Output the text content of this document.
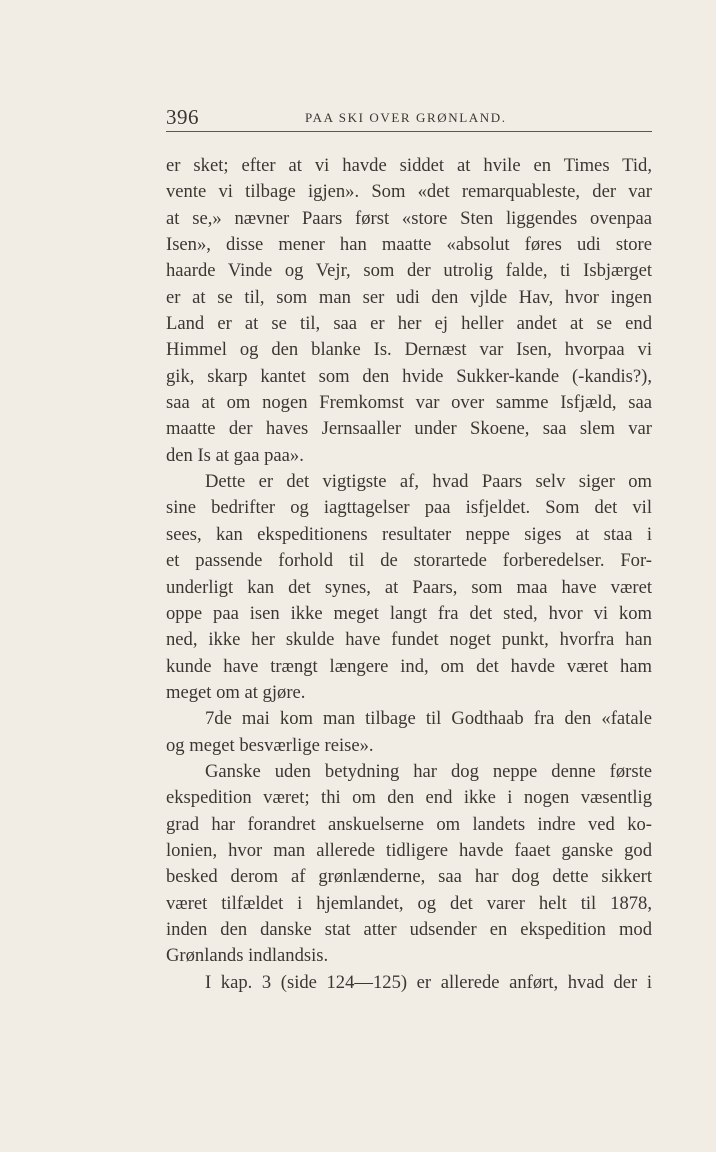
396	PAA SKI OVER GRØNLAND.
er sket; efter at vi havde siddet at hvile en Times Tid,
vente vi tilbage igjen». Som «det remarquableste, der var
at se,» nævner Paars først «store Sten liggendes ovenpaa
Isen», disse mener han maatte «absolut føres udi store
haarde Vinde og Vejr, som der utrolig falde, ti Isbjærget
er at se til, som man ser udi den vjlde Hav, hvor ingen
Land er at se til, saa er her ej heller andet at se end
Himmel og den blanke Is. Dernæst var Isen, hvorpaa vi
gik, skarp kantet som den hvide Sukker-kande (-kandis?),
saa at om nogen Fremkomst var over samme Isfjæld, saa
maatte der haves Jernsaaller under Skoene, saa slem var
den Is at gaa paa».
Dette er det vigtigste af, hvad Paars selv siger om
sine bedrifter og iagttagelser paa isfjeldet. Som det vil
sees, kan ekspeditionens resultater neppe siges at staa i
et passende forhold til de storartede forberedelser. For-
underligt kan det synes, at Paars, som maa have været
oppe paa isen ikke meget langt fra det sted, hvor vi kom
ned, ikke her skulde have fundet noget punkt, hvorfra han
kunde have trængt længere ind, om det havde været ham
meget om at gjøre.
7de mai kom man tilbage til Godthaab fra den «fatale
og meget besværlige reise».
Ganske uden betydning har dog neppe denne første
ekspedition været; thi om den end ikke i nogen væsentlig
grad har forandret anskuelserne om landets indre ved ko-
lonien, hvor man allerede tidligere havde faaet ganske god
besked derom af grønlænderne, saa har dog dette sikkert
været tilfældet i hjemlandet, og det varer helt til 1878,
inden den danske stat atter udsender en ekspedition mod
Grønlands indlandsis.
I kap. 3 (side 124—125) er allerede anført, hvad der i
